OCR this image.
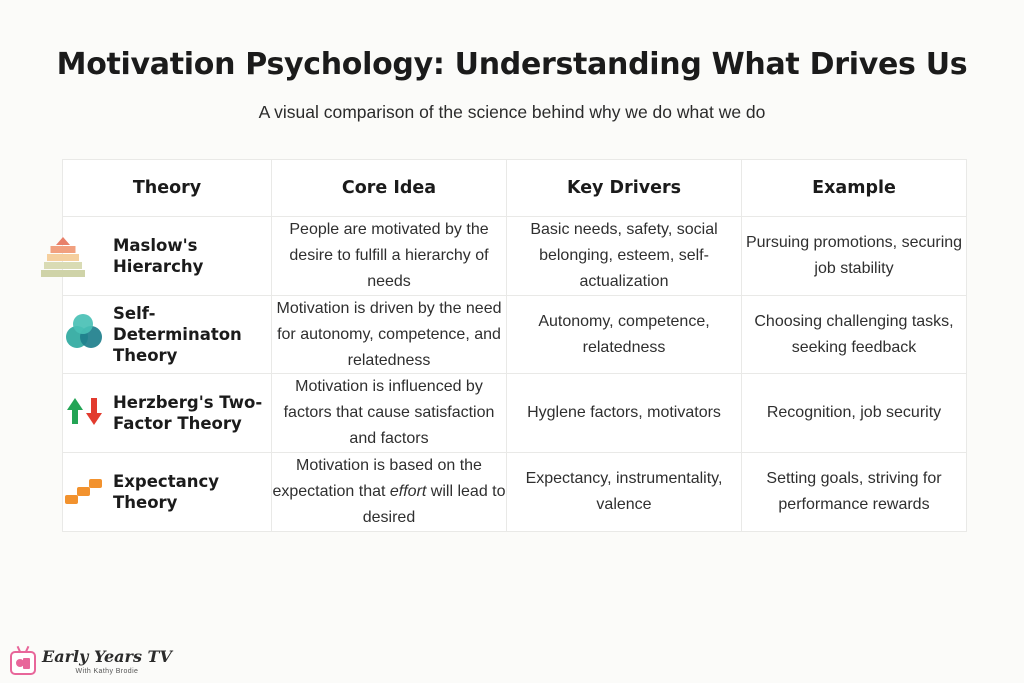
Motivation Psychology: Understanding What Drives Us
A visual comparison of the science behind why we do what we do
Theory	Core Idea	Key Drivers	Example

Maslow's Hierarchy	People are motivated by the desire to fulfill a hierarchy of needs	Basic needs, safety, social belonging, esteem, self-actualization	Pursuing promotions, securing job stability

Self-Determinaton Theory	Motivation is driven by the need for autonomy, competence, and relatedness	Autonomy, competence, relatedness	Choosing challenging tasks, seeking feedback

Herzberg's Two-Factor Theory	Motivation is influenced by factors that cause satisfaction and factors	Hyglene factors, motivators	Recognition, job security

Expectancy Theory	Motivation is based on the expectation that effort will lead to desired	Expectancy, instrumentality, valence	Setting goals, striving for performance rewards
Early Years TV
With Kathy Brodie
